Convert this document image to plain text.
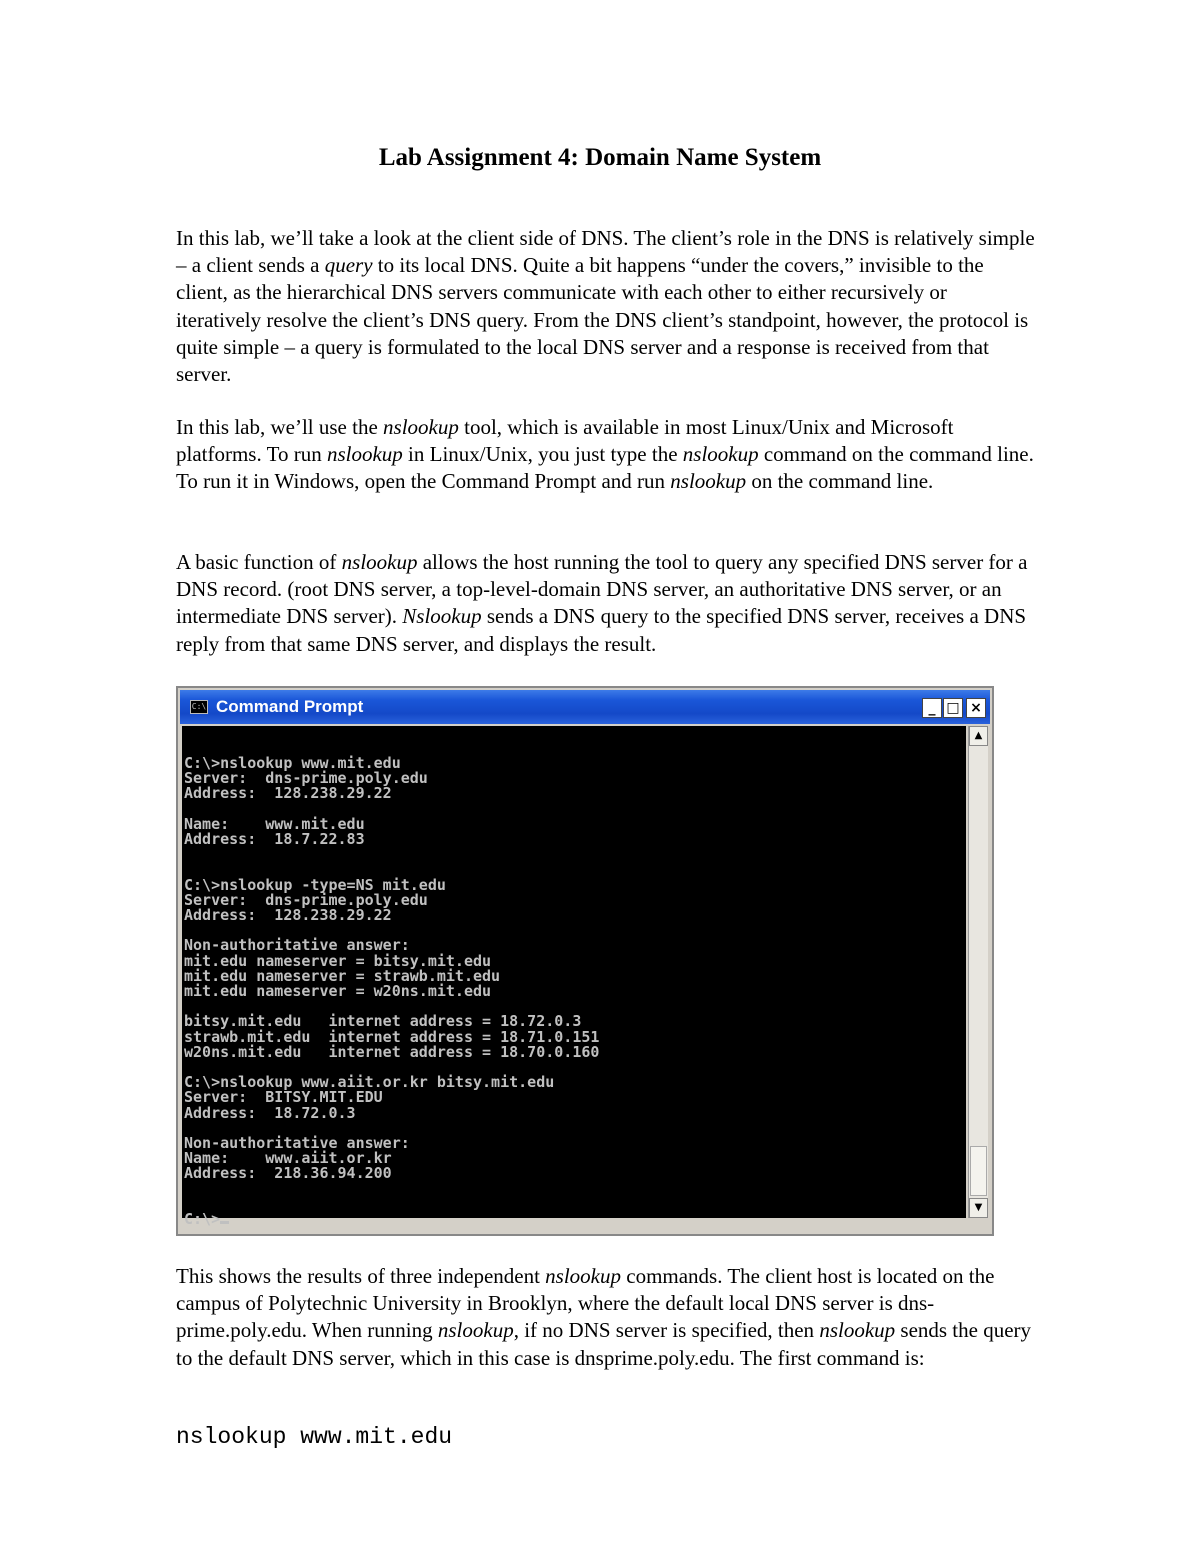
Lab Assignment 4: Domain Name System

In this lab, we’ll take a look at the client side of DNS. The client’s role in the DNS is relatively simple – a client sends a query to its local DNS. Quite a bit happens “under the covers,” invisible to the client, as the hierarchical DNS servers communicate with each other to either recursively or iteratively resolve the client’s DNS query. From the DNS client’s standpoint, however, the protocol is quite simple – a query is formulated to the local DNS server and a response is received from that server.

In this lab, we’ll use the nslookup tool, which is available in most Linux/Unix and Microsoft platforms. To run nslookup in Linux/Unix, you just type the nslookup command on the command line. To run it in Windows, open the Command Prompt and run nslookup on the command line.

A basic function of nslookup allows the host running the tool to query any specified DNS server for a DNS record. (root DNS server, a top-level-domain DNS server, an authoritative DNS server, or an intermediate DNS server). Nslookup sends a DNS query to the specified DNS server, receives a DNS reply from that same DNS server, and displays the result.

C:\ Command Prompt	_ □ ×
C:\>nslookup www.mit.edu
Server:  dns-prime.poly.edu
Address:  128.238.29.22

Name:    www.mit.edu
Address:  18.7.22.83

C:\>nslookup -type=NS mit.edu
Server:  dns-prime.poly.edu
Address:  128.238.29.22

Non-authoritative answer:
mit.edu nameserver = bitsy.mit.edu
mit.edu nameserver = strawb.mit.edu
mit.edu nameserver = w20ns.mit.edu

bitsy.mit.edu   internet address = 18.72.0.3
strawb.mit.edu  internet address = 18.71.0.151
w20ns.mit.edu   internet address = 18.70.0.160

C:\>nslookup www.aiit.or.kr bitsy.mit.edu
Server:  BITSY.MIT.EDU
Address:  18.72.0.3

Non-authoritative answer:
Name:    www.aiit.or.kr
Address:  218.36.94.200

C:\>
▲
▼

This shows the results of three independent nslookup commands. The client host is located on the campus of Polytechnic University in Brooklyn, where the default local DNS server is dns-prime.poly.edu. When running nslookup, if no DNS server is specified, then nslookup sends the query to the default DNS server, which in this case is dnsprime.poly.edu. The first command is:

nslookup www.mit.edu
